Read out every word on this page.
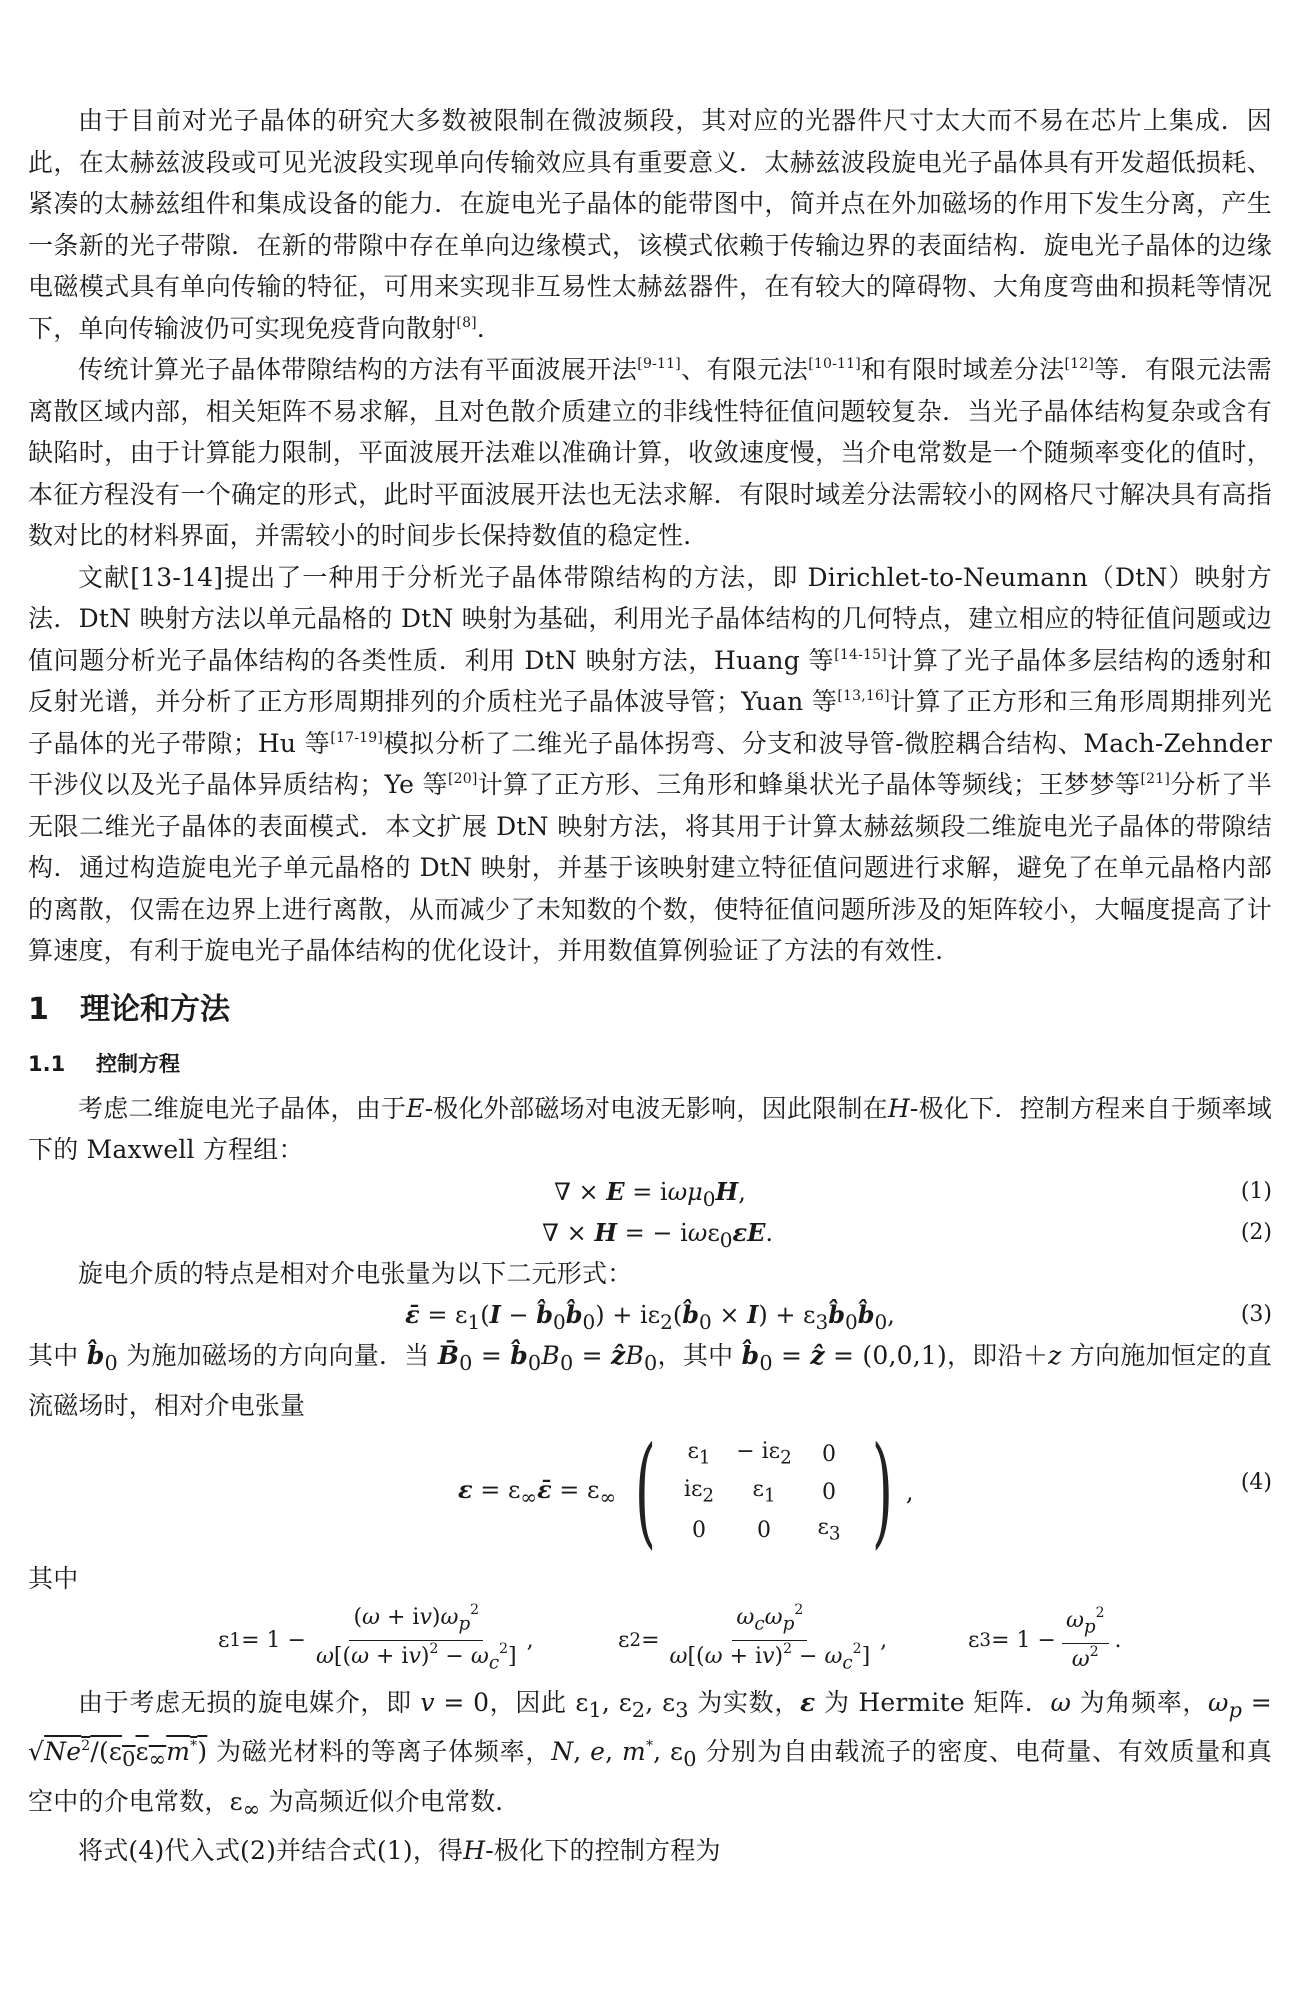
由于目前对光子晶体的研究大多数被限制在微波频段，其对应的光器件尺寸太大而不易在芯片上集成．因此，在太赫兹波段或可见光波段实现单向传输效应具有重要意义．太赫兹波段旋电光子晶体具有开发超低损耗、紧凑的太赫兹组件和集成设备的能力．在旋电光子晶体的能带图中，简并点在外加磁场的作用下发生分离，产生一条新的光子带隙．在新的带隙中存在单向边缘模式，该模式依赖于传输边界的表面结构．旋电光子晶体的边缘电磁模式具有单向传输的特征，可用来实现非互易性太赫兹器件，在有较大的障碍物、大角度弯曲和损耗等情况下，单向传输波仍可实现免疫背向散射[8]．

传统计算光子晶体带隙结构的方法有平面波展开法[9-11]、有限元法[10-11]和有限时域差分法[12]等．有限元法需离散区域内部，相关矩阵不易求解，且对色散介质建立的非线性特征值问题较复杂．当光子晶体结构复杂或含有缺陷时，由于计算能力限制，平面波展开法难以准确计算，收敛速度慢，当介电常数是一个随频率变化的值时，本征方程没有一个确定的形式，此时平面波展开法也无法求解．有限时域差分法需较小的网格尺寸解决具有高指数对比的材料界面，并需较小的时间步长保持数值的稳定性．

文献[13-14]提出了一种用于分析光子晶体带隙结构的方法，即 Dirichlet-to-Neumann（DtN）映射方法．DtN 映射方法以单元晶格的 DtN 映射为基础，利用光子晶体结构的几何特点，建立相应的特征值问题或边值问题分析光子晶体结构的各类性质．利用 DtN 映射方法，Huang 等[14-15]计算了光子晶体多层结构的透射和反射光谱，并分析了正方形周期排列的介质柱光子晶体波导管；Yuan 等[13,16]计算了正方形和三角形周期排列光子晶体的光子带隙；Hu 等[17-19]模拟分析了二维光子晶体拐弯、分支和波导管-微腔耦合结构、Mach-Zehnder 干涉仪以及光子晶体异质结构；Ye 等[20]计算了正方形、三角形和蜂巢状光子晶体等频线；王梦梦等[21]分析了半无限二维光子晶体的表面模式．本文扩展 DtN 映射方法，将其用于计算太赫兹频段二维旋电光子晶体的带隙结构．通过构造旋电光子单元晶格的 DtN 映射，并基于该映射建立特征值问题进行求解，避免了在单元晶格内部的离散，仅需在边界上进行离散，从而减少了未知数的个数，使特征值问题所涉及的矩阵较小，大幅度提高了计算速度，有利于旋电光子晶体结构的优化设计，并用数值算例验证了方法的有效性．

1 理论和方法
1.1 控制方程

考虑二维旋电光子晶体，由于E-极化外部磁场对电波无影响，因此限制在H-极化下．控制方程来自于频率域下的 Maxwell 方程组：

∇ × E = iωμ$_0$H,	(1)
∇ × H = − iωε$_0$εE.	(2)

旋电介质的特点是相对介电张量为以下二元形式：

ε̄ = $\varepsilon_1(I$ − $b̂_0b̂_0$) + $i\varepsilon_2(b̂_0 \times I)$ + $\varepsilon_3b̂_0b̂_0$,	(3)

其中 $b̂_0$ 为施加磁场的方向向量．当 $B̄_0$ = $b̂_0B_0$ = ẑB$_0$，其中 $b̂_0$ = ẑ = (0,0,1)，即沿＋z 方向施加恒定的直流磁场时，相对介电张量

$\varepsilon = \varepsilon_\infty\varepsilon̄ = \varepsilon_\infty$ (	$\varepsilon_1$	− $i\varepsilon_2$	0
$i\varepsilon_2$	$\varepsilon_1$	0
0	0	$\varepsilon_3$ ) ,	(4)

其中

ε $1 = 1 - \frac{(\omega + iv)\omega_p^2}{\omega[(\omega + iv)^2 - \omega_c^2]}$ ,	ε $2 = \frac{\omega_c\omega_p^2}{\omega[(\omega + iv)^2 - \omega_c^2]}$ ,	ε $3 = 1 - \frac{\omega_p^2}{\omega^2}$ .

由于考虑无损的旋电媒介，即 v = 0，因此 $\varepsilon_1$, $\varepsilon_2$, $\varepsilon_3$ 为实数，ε 为 Hermite 矩阵．ω 为角频率，$\omega_p = √Ne^2/(\varepsilon_0\varepsilon_\infty m^*)$ 为磁光材料的等离子体频率，N, e, m*, $\varepsilon_0$ 分别为自由载流子的密度、电荷量、有效质量和真空中的介电常数，$\varepsilon_\infty$ 为高频近似介电常数．

将式(4)代入式(2)并结合式(1)，得H-极化下的控制方程为
